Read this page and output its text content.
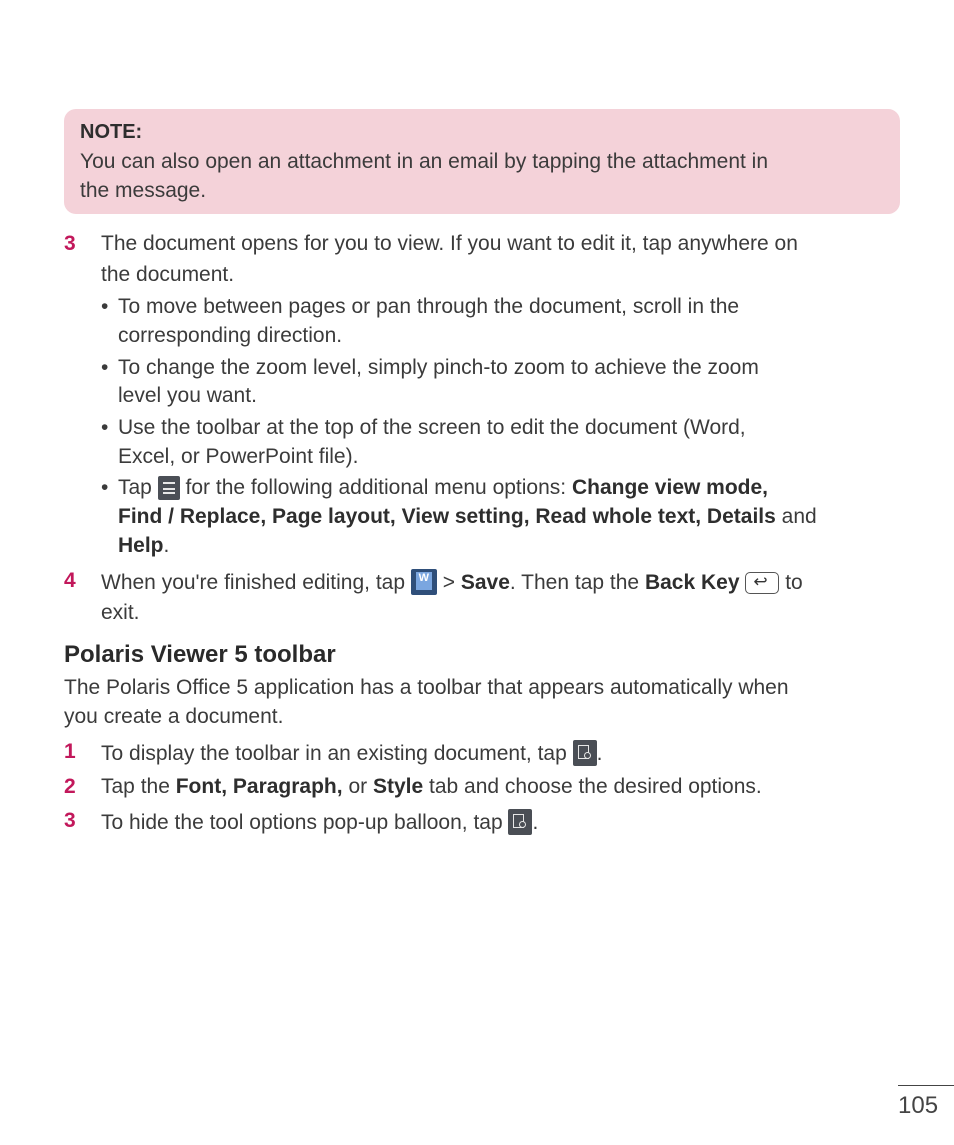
NOTE:
You can also open an attachment in an email by tapping the attachment in
the message.
3 The document opens for you to view. If you want to edit it, tap anywhere on
the document.
• To move between pages or pan through the document, scroll in the
corresponding direction.
• To change the zoom level, simply pinch-to zoom to achieve the zoom
level you want.
• Use the toolbar at the top of the screen to edit the document (Word,
Excel, or PowerPoint file).
• Tap for the following additional menu options: Change view mode,
Find / Replace, Page layout, View setting, Read whole text, Details and
Help.
4 When you're finished editing, tap W > Save. Then tap the Back Key ↩ to
exit.
Polaris Viewer 5 toolbar
The Polaris Office 5 application has a toolbar that appears automatically when
you create a document.
1 To display the toolbar in an existing document, tap .
2 Tap the Font, Paragraph, or Style tab and choose the desired options.
3 To hide the tool options pop-up balloon, tap .
105
